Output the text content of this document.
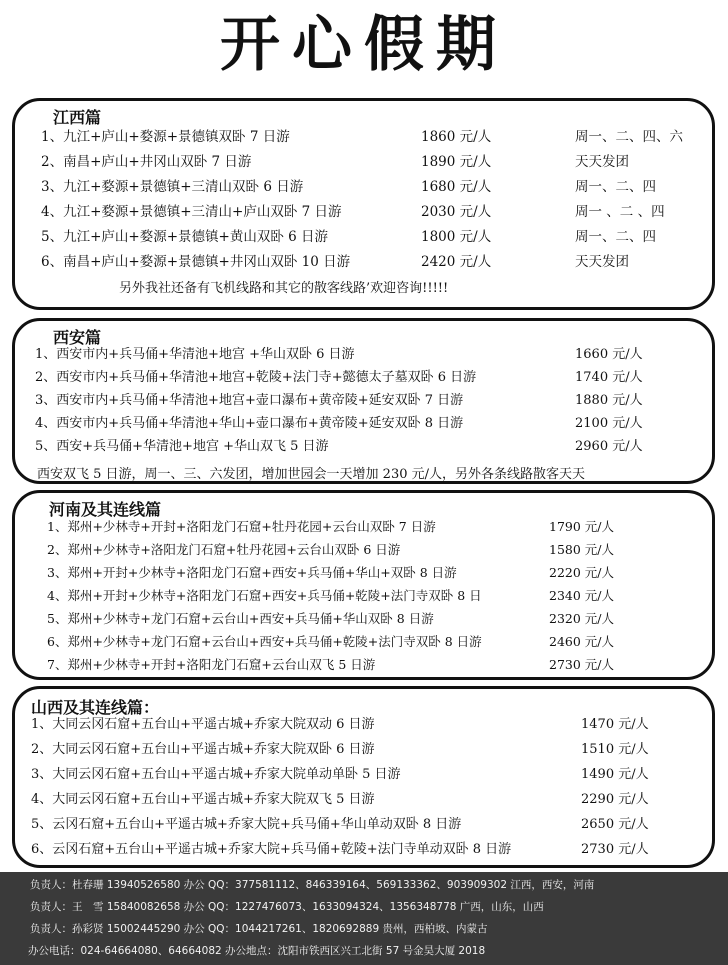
开心假期
江西篇
1、九江+庐山+婺源+景德镇双卧 7 日游	1860 元/人	周一、二、四、六
2、南昌+庐山+井冈山双卧 7 日游	1890 元/人	天天发团
3、九江+婺源+景德镇+三清山双卧 6 日游	1680 元/人	周一、二、四
4、九江+婺源+景德镇+三清山+庐山双卧 7 日游	2030 元/人	周一 、二 、四
5、九江+庐山+婺源+景德镇+黄山双卧 6 日游	1800 元/人	周一、二、四
6、南昌+庐山+婺源+景德镇+井冈山双卧 10 日游	2420 元/人	天天发团
另外我社还备有飞机线路和其它的散客线路’欢迎咨询!!!!!
西安篇
1、西安市内+兵马俑+华清池+地宫 +华山双卧 6 日游	1660 元/人
2、西安市内+兵马俑+华清池+地宫+乾陵+法门寺+懿德太子墓双卧 6 日游	1740 元/人
3、西安市内+兵马俑+华清池+地宫+壶口瀑布+黄帝陵+延安双卧 7 日游	1880 元/人
4、西安市内+兵马俑+华清池+华山+壶口瀑布+黄帝陵+延安双卧 8 日游	2100 元/人
5、西安+兵马俑+华清池+地宫 +华山双飞 5 日游	2960 元/人
西安双飞 5 日游，周一、三、六发团，增加世园会一天增加 230 元/人，另外各条线路散客天天
河南及其连线篇
1、郑州+少林寺+开封+洛阳龙门石窟+牡丹花园+云台山双卧 7 日游	1790 元/人
2、郑州+少林寺+洛阳龙门石窟+牡丹花园+云台山双卧 6 日游	1580 元/人
3、郑州+开封+少林寺+洛阳龙门石窟+西安+兵马俑+华山+双卧 8 日游	2220 元/人
4、郑州+开封+少林寺+洛阳龙门石窟+西安+兵马俑+乾陵+法门寺双卧 8 日	2340 元/人
5、郑州+少林寺+龙门石窟+云台山+西安+兵马俑+华山双卧 8 日游	2320 元/人
6、郑州+少林寺+龙门石窟+云台山+西安+兵马俑+乾陵+法门寺双卧 8 日游	2460 元/人
7、郑州+少林寺+开封+洛阳龙门石窟+云台山双飞 5 日游	2730 元/人
山西及其连线篇：
1、大同云冈石窟+五台山+平遥古城+乔家大院双动 6 日游	1470 元/人
2、大同云冈石窟+五台山+平遥古城+乔家大院双卧 6 日游	1510 元/人
3、大同云冈石窟+五台山+平遥古城+乔家大院单动单卧 5 日游	1490 元/人
4、大同云冈石窟+五台山+平遥古城+乔家大院双飞 5 日游	2290 元/人
5、云冈石窟+五台山+平遥古城+乔家大院+兵马俑+华山单动双卧 8 日游	2650 元/人
6、云冈石窟+五台山+平遥古城+乔家大院+兵马俑+乾陵+法门寺单动双卧 8 日游	2730 元/人
负责人：杜春珊 13940526580 办公 QQ：377581112、846339164、569133362、903909302 江西，西安，河南
负责人：王　雪 15840082658 办公 QQ：1227476073、1633094324、1356348778 广西，山东，山西
负责人：孙彩贤 15002445290 办公 QQ：1044217261、1820692889 贵州，西柏坡、内蒙古
办公电话：024-64664080、64664082 办公地点：沈阳市铁西区兴工北街 57 号金昊大厦 2018
